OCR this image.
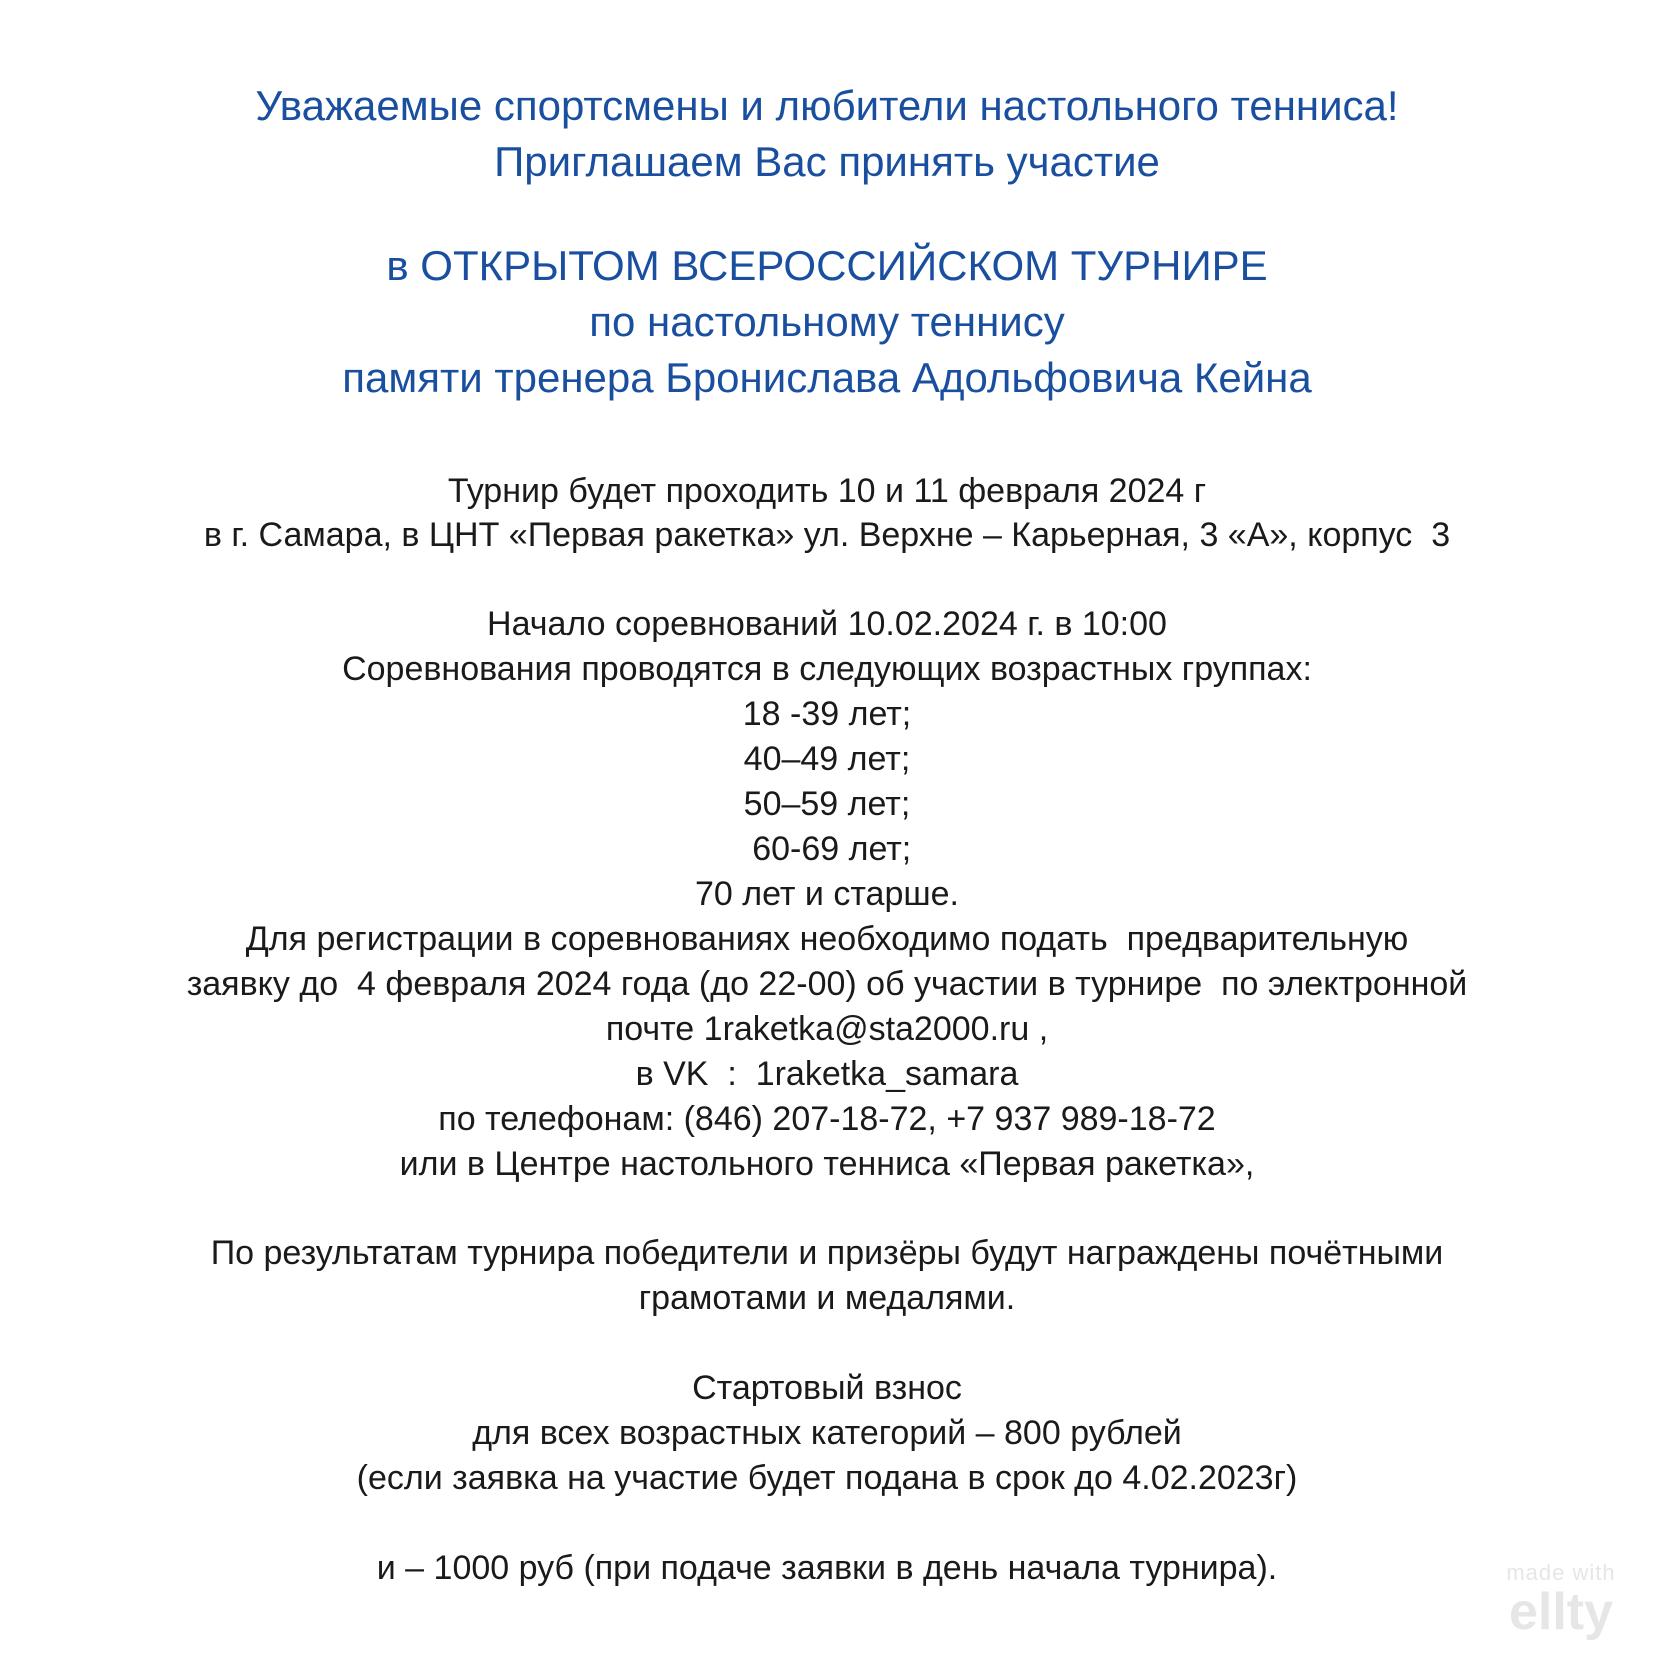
Уважаемые спортсмены и любители настольного тенниса!
Приглашаем Вас принять участие
в ОТКРЫТОМ ВСЕРОССИЙСКОМ ТУРНИРЕ
по настольному теннису
памяти тренера Бронислава Адольфовича Кейна
Турнир будет проходить 10 и 11 февраля 2024 г
в г. Самара, в ЦНТ «Первая ракетка» ул. Верхне – Карьерная, 3 «А», корпус  3
Начало соревнований 10.02.2024 г. в 10:00
Соревнования проводятся в следующих возрастных группах:
18 -39 лет;
40–49 лет;
50–59 лет;
60-69 лет;
70 лет и старше.
Для регистрации в соревнованиях необходимо подать  предварительную
заявку до  4 февраля 2024 года (до 22-00) об участии в турнире  по электронной
почте 1raketka@sta2000.ru ,
в VK  :  1raketka_samara
по телефонам: (846) 207-18-72, +7 937 989-18-72
или в Центре настольного тенниса «Первая ракетка»,
По результатам турнира победители и призёры будут награждены почётными
грамотами и медалями.
Стартовый взнос
для всех возрастных категорий – 800 рублей
(если заявка на участие будет подана в срок до 4.02.2023г)
и – 1000 руб (при подаче заявки в день начала турнира).	made with
ellty
